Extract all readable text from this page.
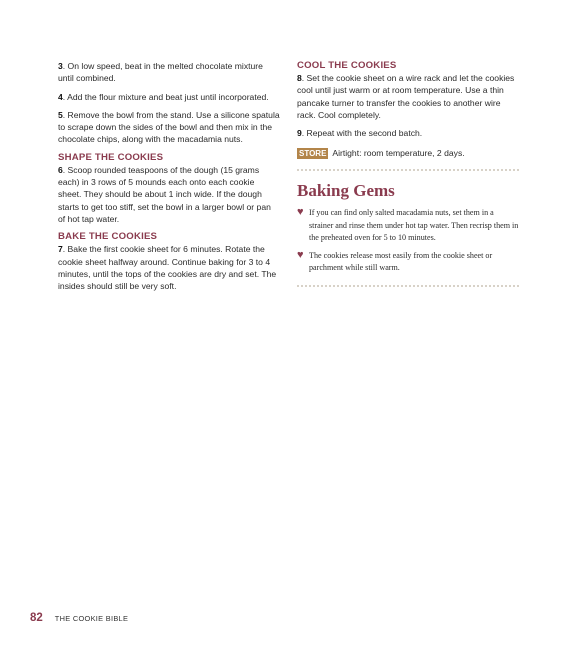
3. On low speed, beat in the melted chocolate mixture until combined.

4. Add the flour mixture and beat just until incorporated.

5. Remove the bowl from the stand. Use a silicone spatula to scrape down the sides of the bowl and then mix in the chocolate chips, along with the macadamia nuts.

SHAPE THE COOKIES

6. Scoop rounded teaspoons of the dough (15 grams each) in 3 rows of 5 mounds each onto each cookie sheet. They should be about 1 inch wide. If the dough starts to get too stiff, set the bowl in a larger bowl or pan of hot tap water.

BAKE THE COOKIES

7. Bake the first cookie sheet for 6 minutes. Rotate the cookie sheet halfway around. Continue baking for 3 to 4 minutes, until the tops of the cookies are dry and set. The insides should still be very soft.

COOL THE COOKIES

8. Set the cookie sheet on a wire rack and let the cookies cool until just warm or at room temperature. Use a thin pancake turner to transfer the cookies to another wire rack. Cool completely.

9. Repeat with the second batch.

STORE Airtight: room temperature, 2 days.

Baking Gems
♥ If you can find only salted macadamia nuts, set them in a strainer and rinse them under hot tap water. Then recrisp them in the preheated oven for 5 to 10 minutes.
♥ The cookies release most easily from the cookie sheet or parchment while still warm.
82 THE COOKIE BIBLE
